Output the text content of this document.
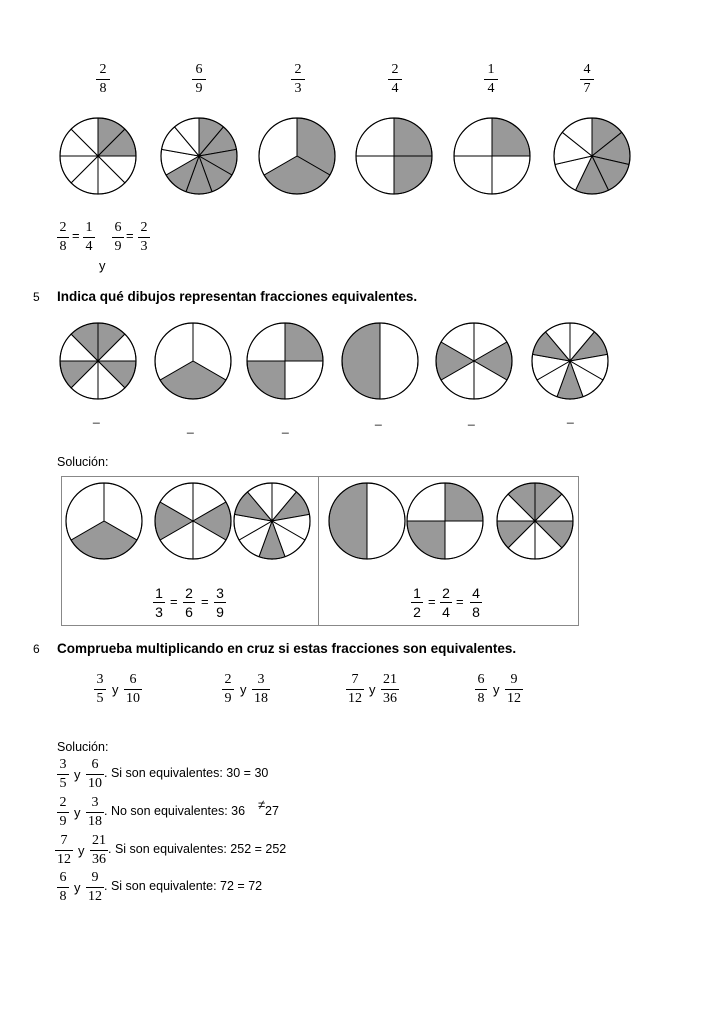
2
8
6
9
2
3
2
4
1
4
4
7
2
8
=
1
4
6
9
=
2
3
y
5 Indica qué dibujos representan fracciones equivalentes.
_
_	_
_	_	_
Solución:
1
3
=
2
6
=
3
9
1
2
=
2
4
=
4
8
6 Comprueba multiplicando en cruz si estas fracciones son equivalentes.
3
5
y
6
10
2
9
y
3
18
7
12
y
21
36
6
8
y
9
12
Solución:
3
5
y
6
10
. Si son equivalentes: 30 = 30
2
9
y
3
18
. No son equivalentes: 36 ≠ 27
7
12
y
21
36
. Si son equivalentes: 252 = 252
6
8
y
9
12
. Si son equivalente: 72 = 72
